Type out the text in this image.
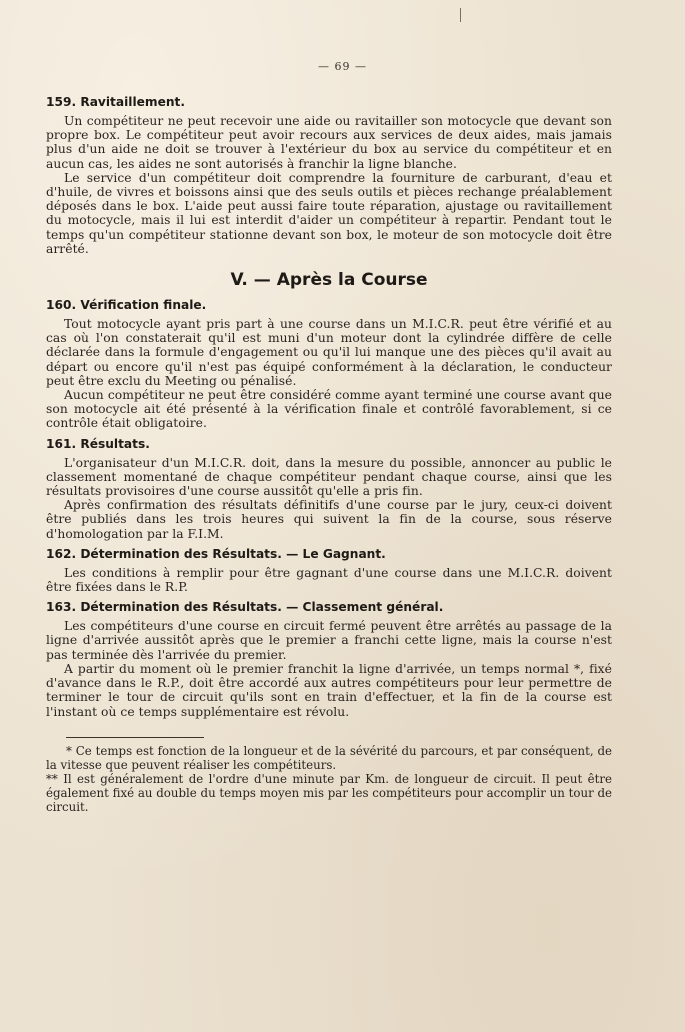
— 69 —
159. Ravitaillement.

Un compétiteur ne peut recevoir une aide ou ravitailler son motocycle que devant son propre box. Le compétiteur peut avoir recours aux services de deux aides, mais jamais plus d'un aide ne doit se trouver à l'extérieur du box au service du compétiteur et en aucun cas, les aides ne sont autorisés à franchir la ligne blanche.

Le service d'un compétiteur doit comprendre la fourniture de carburant, d'eau et d'huile, de vivres et boissons ainsi que des seuls outils et pièces rechange préalablement déposés dans le box. L'aide peut aussi faire toute réparation, ajustage ou ravitaillement du motocycle, mais il lui est interdit d'aider un compétiteur à repartir. Pendant tout le temps qu'un compétiteur stationne devant son box, le moteur de son motocycle doit être arrêté.

V. — Après la Course
160. Vérification finale.

Tout motocycle ayant pris part à une course dans un M.I.C.R. peut être vérifié et au cas où l'on constaterait qu'il est muni d'un moteur dont la cylindrée diffère de celle déclarée dans la formule d'engagement ou qu'il lui manque une des pièces qu'il avait au départ ou encore qu'il n'est pas équipé conformément à la déclaration, le conducteur peut être exclu du Meeting ou pénalisé.

Aucun compétiteur ne peut être considéré comme ayant terminé une course avant que son motocycle ait été présenté à la vérification finale et contrôlé favorablement, si ce contrôle était obligatoire.

161. Résultats.

L'organisateur d'un M.I.C.R. doit, dans la mesure du possible, annoncer au public le classement momentané de chaque compétiteur pendant chaque course, ainsi que les résultats provisoires d'une course aussitôt qu'elle a pris fin.

Après confirmation des résultats définitifs d'une course par le jury, ceux-ci doivent être publiés dans les trois heures qui suivent la fin de la course, sous réserve d'homologation par la F.I.M.

162. Détermination des Résultats. — Le Gagnant.

Les conditions à remplir pour être gagnant d'une course dans une M.I.C.R. doivent être fixées dans le R.P.

163. Détermination des Résultats. — Classement général.

Les compétiteurs d'une course en circuit fermé peuvent être arrêtés au passage de la ligne d'arrivée aussitôt après que le premier a franchi cette ligne, mais la course n'est pas terminée dès l'arrivée du premier.

A partir du moment où le premier franchit la ligne d'arrivée, un temps normal *, fixé d'avance dans le R.P., doit être accordé aux autres compétiteurs pour leur permettre de terminer le tour de circuit qu'ils sont en train d'effectuer, et la fin de la course est l'instant où ce temps supplémentaire est révolu.

* Ce temps est fonction de la longueur et de la sévérité du parcours, et par conséquent, de la vitesse que peuvent réaliser les compétiteurs.

** Il est généralement de l'ordre d'une minute par Km. de longueur de circuit. Il peut être également fixé au double du temps moyen mis par les compétiteurs pour accomplir un tour de circuit.
